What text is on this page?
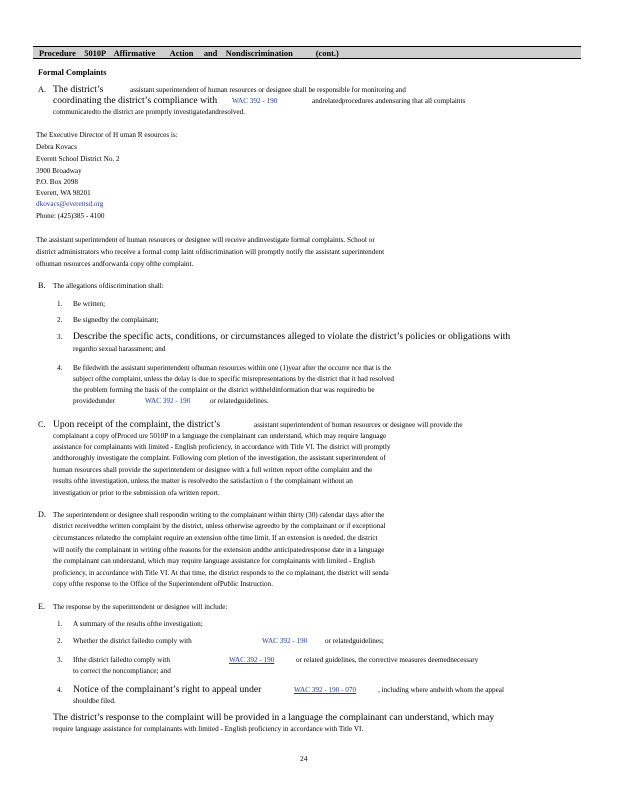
Procedure    5010P    Affirmative       Action     and    Nondiscrimination           (cont.)
Formal Complaints
A. The district’s	assistant superintendent of human resources or designee shall be responsible for monitoring and
coordinating the district’s compliance with WAC 392 - 190	andrelatedprocedures andensuring that all complaints
communicatedto the district are promptly investigatedandresolved.
The Executive Director of H uman R esources is:
Debra Kovacs
Everett School District No. 2
3900 Broadway
P.O. Box 2098
Everett, WA 98201
dkovacs@everettsd.org
Phone: (425)385 - 4100
The assistant superintendent of human resources or designee will receive andinvestigate formal complaints. School or
district administrators who receive a formal comp laint ofdiscrimination will promptly notify the assistant superintendent
ofhuman resources andforwarda copy ofthe complaint.
B. The allegations ofdiscrimination shall:
1. Be written;
2. Be signedby the complainant;
3. Describe the specific acts, conditions, or circumstances alleged to violate the district’s policies or obligations with
regardto sexual harassment; and
4. Be filedwith the assistant superintendent ofhuman resources within one (1)year after the occurre nce that is the
subject ofthe complaint, unless the delay is due to specific misrepresentations by the district that it had resolved
the problem forming the basis of the complaint or the district withheldinformation that was requiredto be
providedunder	WAC 392 - 190	or relatedguidelines.
C. Upon receipt of the complaint, the district’s	assistant superintendent of human resources or designee will provide the
complainant a copy ofProced ure 5010P in a language the complainant can understand, which may require language
assistance for complainants with limited - English proficiency, in accordance with Title VI. The district will promptly
andthoroughly investigate the complaint. Following com pletion of the investigation, the assistant superintendent of
human resources shall provide the superintendent or designee with a full written report ofthe complaint and the
results ofthe investigation, unless the matter is resolvedto the satisfaction o f the complainant without an
investigation or prior to the submission ofa written report.
D. The superintendent or designee shall respondin writing to the complainant within thirty (30) calendar days after the
district receivedthe written complaint by the district, unless otherwise agreedto by the complainant or if exceptional
circumstances relatedto the complaint require an extension ofthe time limit. If an extension is needed, the district
will notify the complainant in writing ofthe reasons for the extension andthe anticipatedresponse date in a language
the complainant can understand, which may require language assistance for complainants with limited - English
proficiency, in accordance with Title VI. At that time, the district responds to the co mplainant, the district will senda
copy ofthe response to the Office of the Superintendent ofPublic Instruction.
E. The response by the superintendent or designee will include:
1. A summary of the results ofthe investigation;
2. Whether the district failedto comply with	WAC 392 - 190 or relatedguidelines;
3. Ifthe district failedto comply with	WAC 392 - 190	or related guidelines, the corrective measures deemednecessary
to correct the noncompliance; and
4. Notice of the complainant’s right to appeal under	WAC 392 - 190 - 070	, including where andwith whom the appeal
shouldbe filed.
The district’s response to the complaint will be provided in a language the complainant can understand, which may
require language assistance for complainants with limited - English proficiency in accordance with Title VI.
24
